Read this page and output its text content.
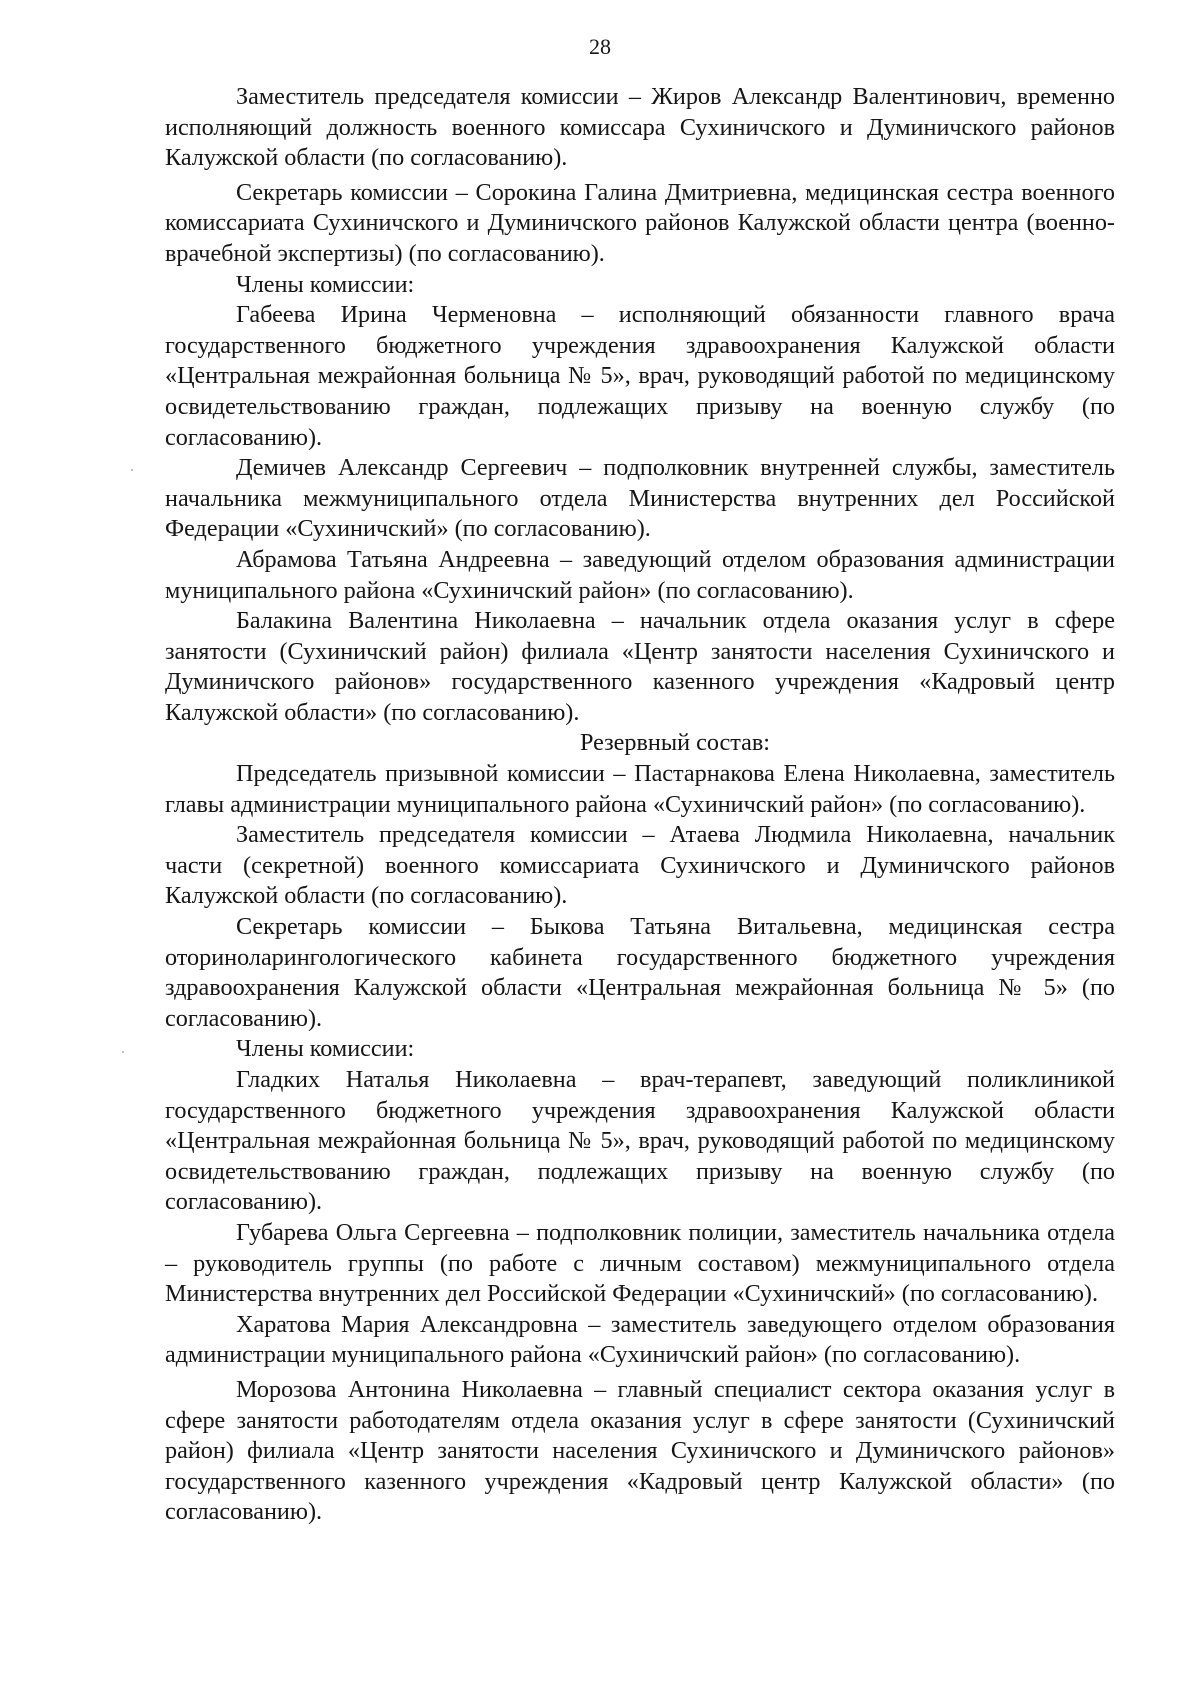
28

Заместитель председателя комиссии – Жиров Александр Валентинович, временно исполняющий должность военного комиссара Сухиничского и Думиничского районов Калужской области (по согласованию).

Секретарь комиссии – Сорокина Галина Дмитриевна, медицинская сестра военного комиссариата Сухиничского и Думиничского районов Калужской области центра (военно-врачебной экспертизы) (по согласованию).

Члены комиссии:

Габеева Ирина Черменовна – исполняющий обязанности главного врача государственного бюджетного учреждения здравоохранения Калужской области «Центральная межрайонная больница № 5», врач, руководящий работой по медицинскому освидетельствованию граждан, подлежащих призыву на военную службу (по согласованию).

Демичев Александр Сергеевич – подполковник внутренней службы, заместитель начальника межмуниципального отдела Министерства внутренних дел Российской Федерации «Сухиничский» (по согласованию).

Абрамова Татьяна Андреевна – заведующий отделом образования администрации муниципального района «Сухиничский район» (по согласованию).

Балакина Валентина Николаевна – начальник отдела оказания услуг в сфере занятости (Сухиничский район) филиала «Центр занятости населения Сухиничского и Думиничского районов» государственного казенного учреждения «Кадровый центр Калужской области» (по согласованию).

Резервный состав:

Председатель призывной комиссии – Пастарнакова Елена Николаевна, заместитель главы администрации муниципального района «Сухиничский район» (по согласованию).

Заместитель председателя комиссии – Атаева Людмила Николаевна, начальник части (секретной) военного комиссариата Сухиничского и Думиничского районов Калужской области (по согласованию).

Секретарь комиссии – Быкова Татьяна Витальевна, медицинская сестра оториноларингологического кабинета государственного бюджетного учреждения здравоохранения Калужской области «Центральная межрайонная больница № 5» (по согласованию).

Члены комиссии:

Гладких Наталья Николаевна – врач-терапевт, заведующий поликлиникой государственного бюджетного учреждения здравоохранения Калужской области «Центральная межрайонная больница № 5», врач, руководящий работой по медицинскому освидетельствованию граждан, подлежащих призыву на военную службу (по согласованию).

Губарева Ольга Сергеевна – подполковник полиции, заместитель начальника отдела – руководитель группы (по работе с личным составом) межмуниципального отдела Министерства внутренних дел Российской Федерации «Сухиничский» (по согласованию).

Харатова Мария Александровна – заместитель заведующего отделом образования администрации муниципального района «Сухиничский район» (по согласованию).

Морозова Антонина Николаевна – главный специалист сектора оказания услуг в сфере занятости работодателям отдела оказания услуг в сфере занятости (Сухиничский район) филиала «Центр занятости населения Сухиничского и Думиничского районов» государственного казенного учреждения «Кадровый центр Калужской области» (по согласованию).
